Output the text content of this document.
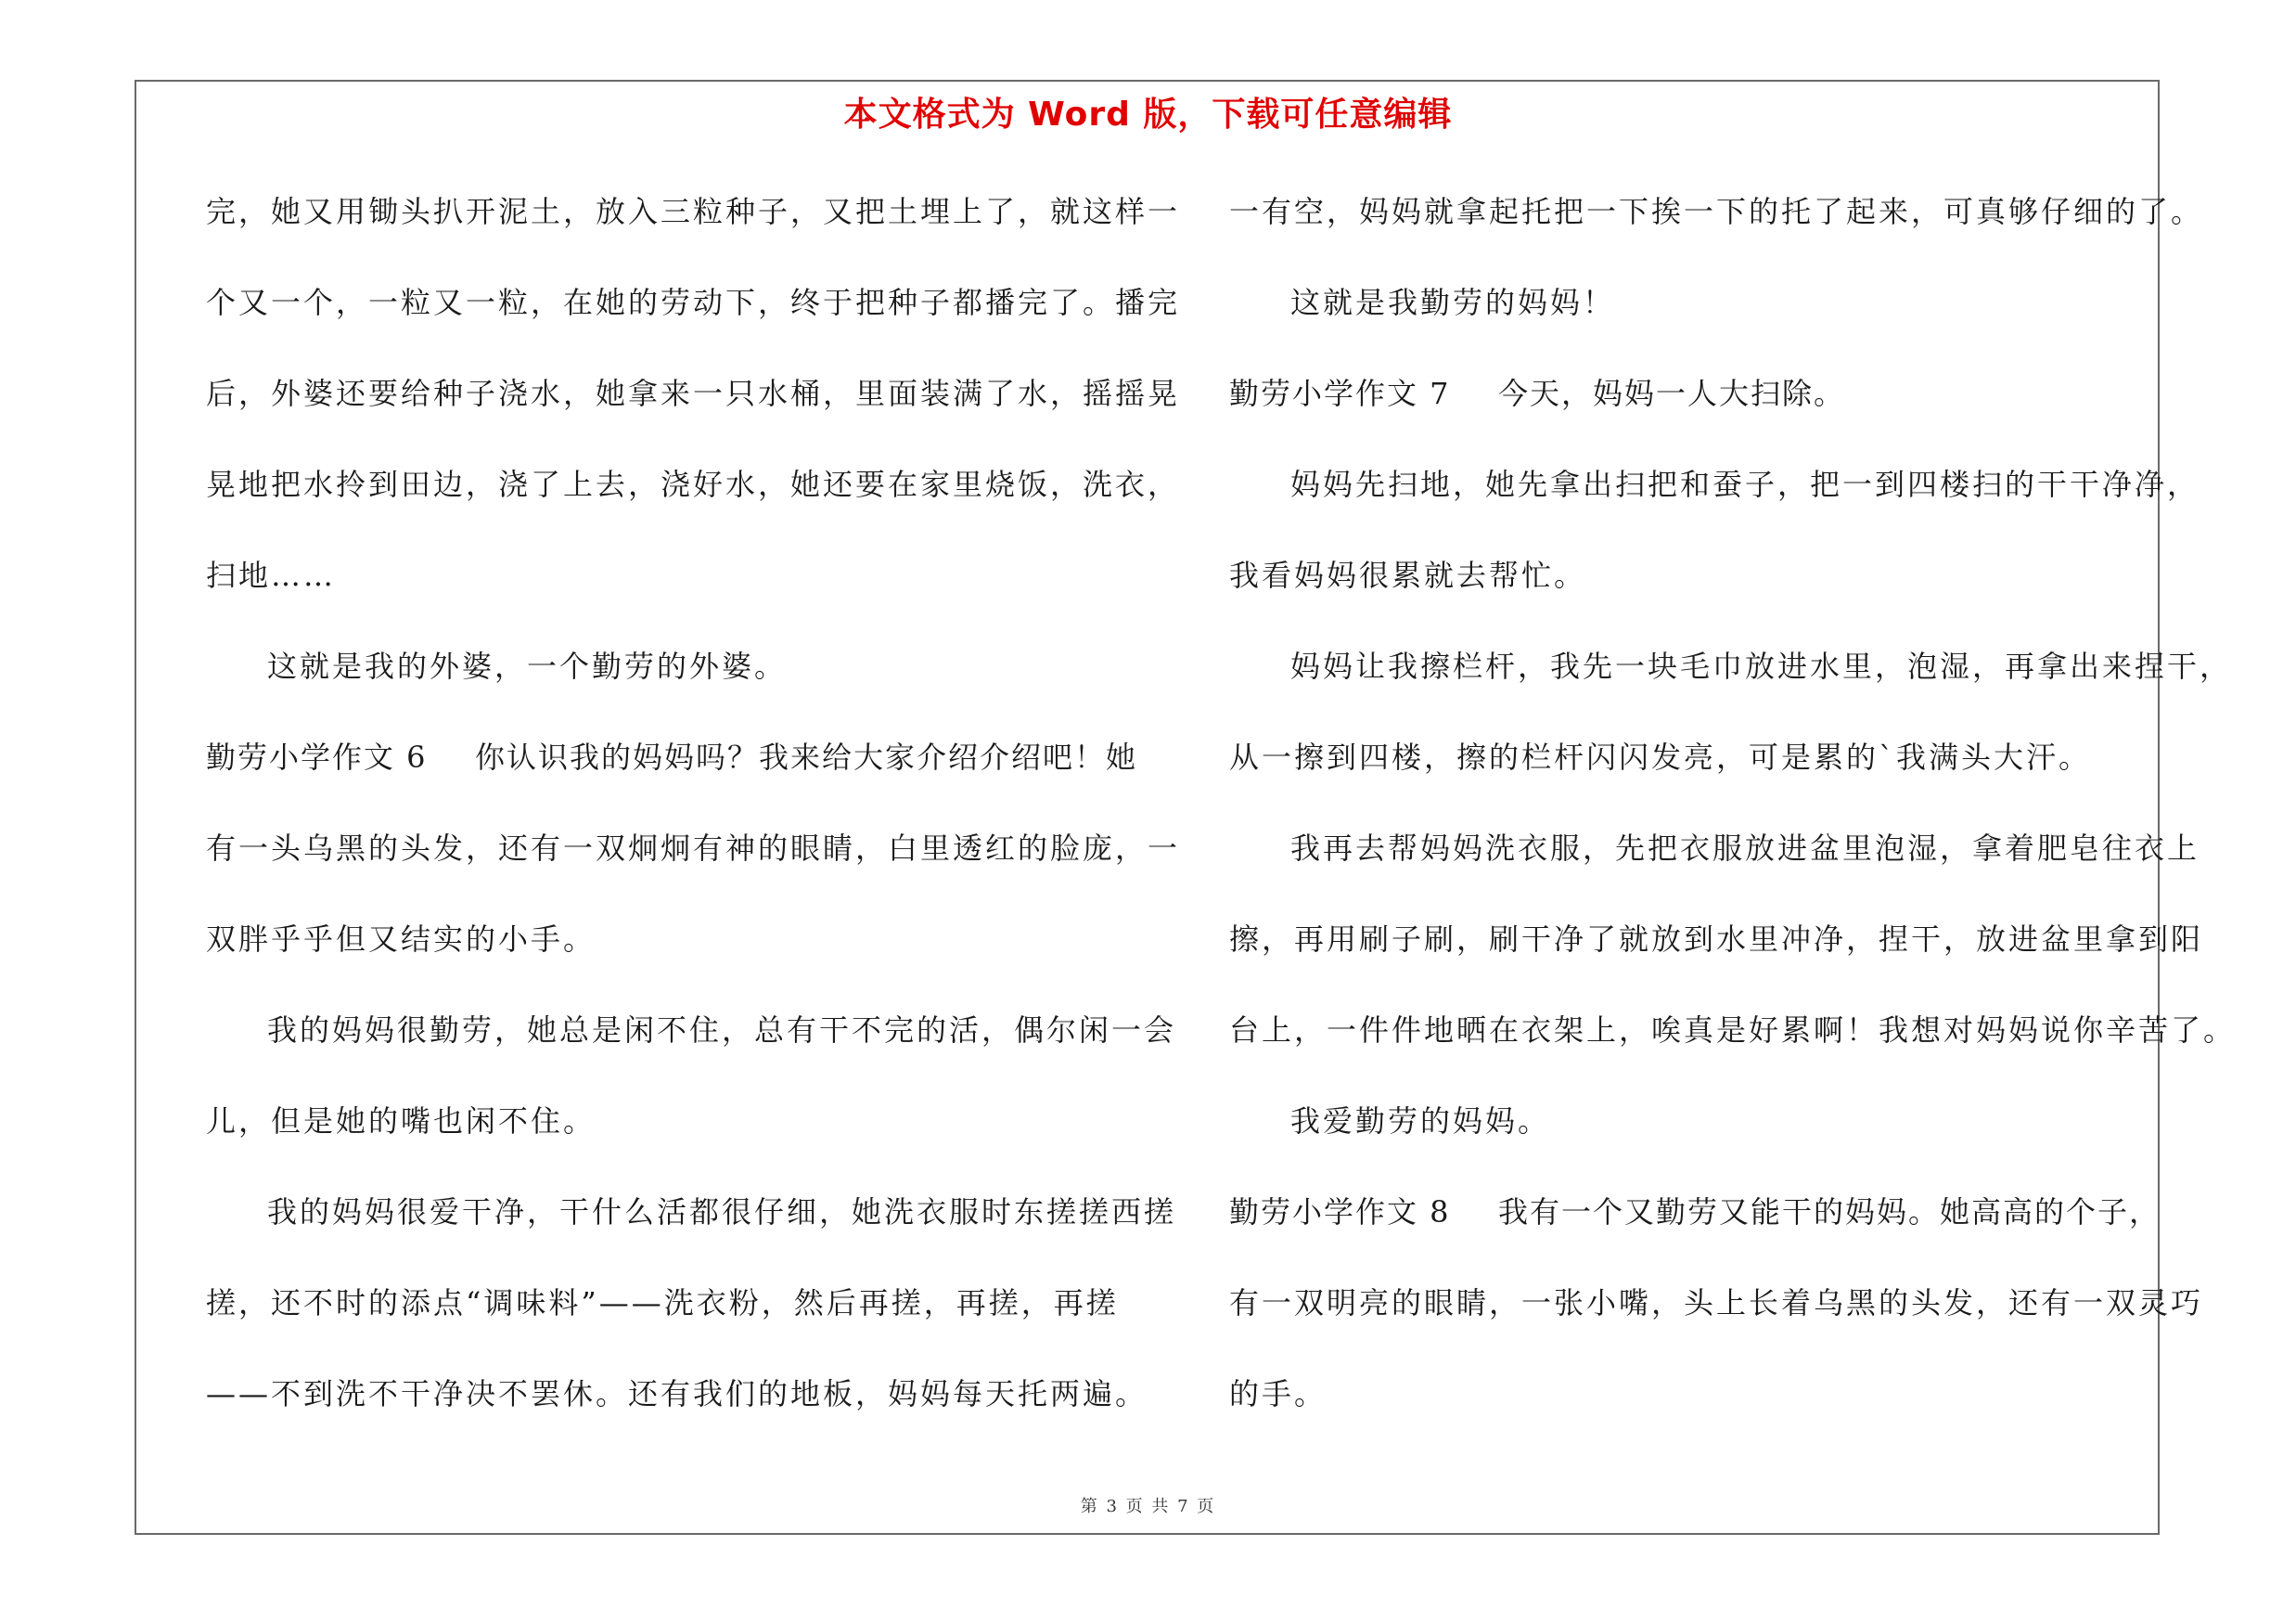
本文格式为 Word 版，下载可任意编辑
完，她又用锄头扒开泥土，放入三粒种子，又把土埋上了，就这样一
个又一个，一粒又一粒，在她的劳动下，终于把种子都播完了。播完
后，外婆还要给种子浇水，她拿来一只水桶，里面装满了水，摇摇晃
晃地把水拎到田边，浇了上去，浇好水，她还要在家里烧饭，洗衣，
扫地……
这就是我的外婆，一个勤劳的外婆。
勤劳小学作文 6 你认识我的妈妈吗？我来给大家介绍介绍吧！她
有一头乌黑的头发，还有一双炯炯有神的眼睛，白里透红的脸庞，一
双胖乎乎但又结实的小手。
我的妈妈很勤劳，她总是闲不住，总有干不完的活，偶尔闲一会
儿，但是她的嘴也闲不住。
我的妈妈很爱干净，干什么活都很仔细，她洗衣服时东搓搓西搓
搓，还不时的添点“调味料”——洗衣粉，然后再搓，再搓，再搓
——不到洗不干净决不罢休。还有我们的地板，妈妈每天托两遍。
一有空，妈妈就拿起托把一下挨一下的托了起来，可真够仔细的了。
这就是我勤劳的妈妈！
勤劳小学作文 7 今天，妈妈一人大扫除。
妈妈先扫地，她先拿出扫把和蚕子，把一到四楼扫的干干净净，
我看妈妈很累就去帮忙。
妈妈让我擦栏杆，我先一块毛巾放进水里，泡湿，再拿出来捏干，
从一擦到四楼，擦的栏杆闪闪发亮，可是累的`我满头大汗。
我再去帮妈妈洗衣服，先把衣服放进盆里泡湿，拿着肥皂往衣上
擦，再用刷子刷，刷干净了就放到水里冲净，捏干，放进盆里拿到阳
台上，一件件地晒在衣架上，唉真是好累啊！我想对妈妈说你辛苦了。
我爱勤劳的妈妈。
勤劳小学作文 8 我有一个又勤劳又能干的妈妈。她高高的个子，
有一双明亮的眼睛，一张小嘴，头上长着乌黑的头发，还有一双灵巧
的手。
第 3 页 共 7 页
